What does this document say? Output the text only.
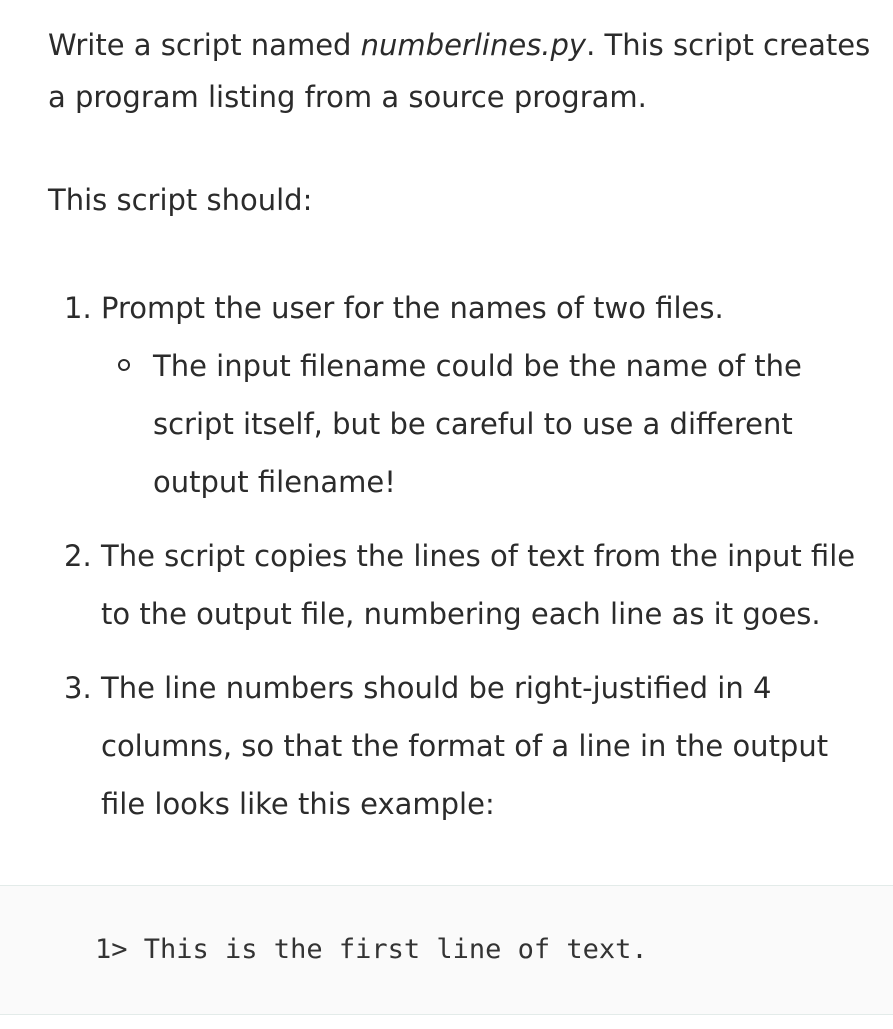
Write a script named numberlines.py. This script creates
a program listing from a source program.

This script should:

1. Prompt the user for the names of two files.
The input filename could be the name of the
script itself, but be careful to use a different
output filename!
2. The script copies the lines of text from the input file
to the output file, numbering each line as it goes.
3. The line numbers should be right-justified in 4
columns, so that the format of a line in the output
file looks like this example:
1> This is the first line of text.
